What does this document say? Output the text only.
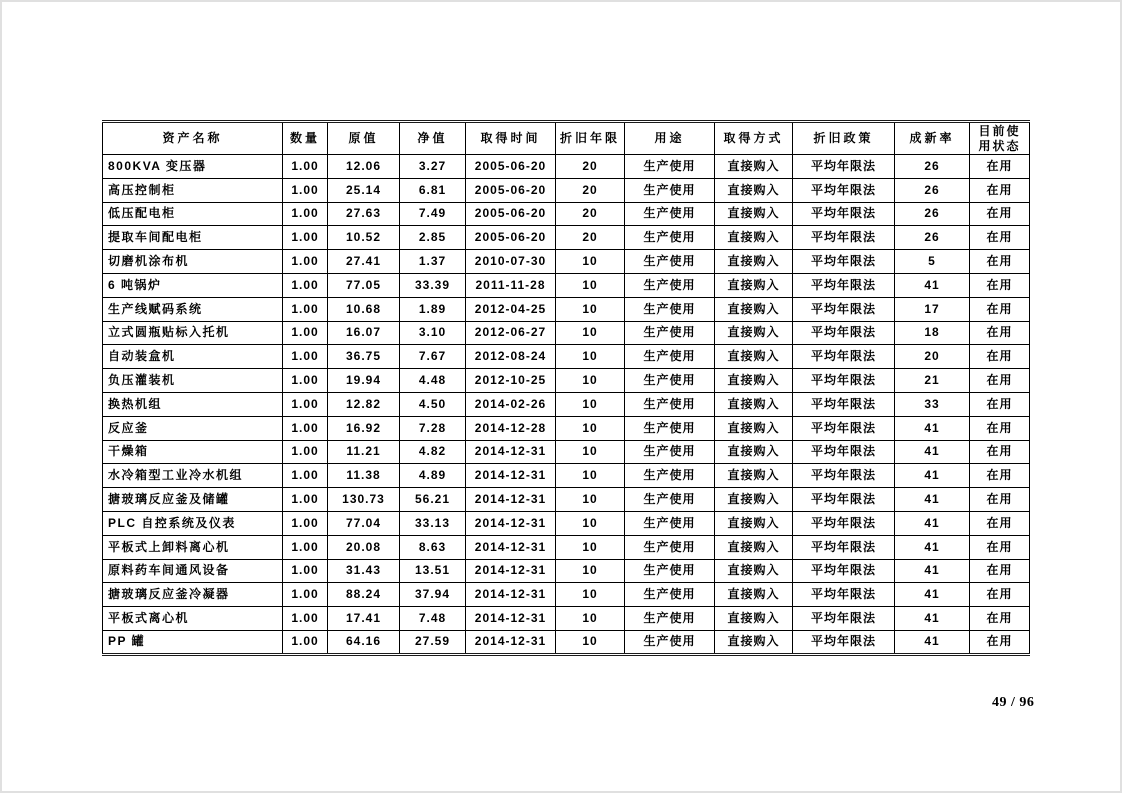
资产名称	数量	原值	净值	取得时间	折旧年限	用途	取得方式	折旧政策	成新率	目前使用状态
800KVA 变压器	1.00	12.06	3.27	2005-06-20	20	生产使用	直接购入	平均年限法	26	在用
高压控制柜	1.00	25.14	6.81	2005-06-20	20	生产使用	直接购入	平均年限法	26	在用
低压配电柜	1.00	27.63	7.49	2005-06-20	20	生产使用	直接购入	平均年限法	26	在用
提取车间配电柜	1.00	10.52	2.85	2005-06-20	20	生产使用	直接购入	平均年限法	26	在用
切磨机涂布机	1.00	27.41	1.37	2010-07-30	10	生产使用	直接购入	平均年限法	5	在用
6 吨锅炉	1.00	77.05	33.39	2011-11-28	10	生产使用	直接购入	平均年限法	41	在用
生产线赋码系统	1.00	10.68	1.89	2012-04-25	10	生产使用	直接购入	平均年限法	17	在用
立式圆瓶贴标入托机	1.00	16.07	3.10	2012-06-27	10	生产使用	直接购入	平均年限法	18	在用
自动装盒机	1.00	36.75	7.67	2012-08-24	10	生产使用	直接购入	平均年限法	20	在用
负压灌装机	1.00	19.94	4.48	2012-10-25	10	生产使用	直接购入	平均年限法	21	在用
换热机组	1.00	12.82	4.50	2014-02-26	10	生产使用	直接购入	平均年限法	33	在用
反应釜	1.00	16.92	7.28	2014-12-28	10	生产使用	直接购入	平均年限法	41	在用
干燥箱	1.00	11.21	4.82	2014-12-31	10	生产使用	直接购入	平均年限法	41	在用
水冷箱型工业冷水机组	1.00	11.38	4.89	2014-12-31	10	生产使用	直接购入	平均年限法	41	在用
搪玻璃反应釜及储罐	1.00	130.73	56.21	2014-12-31	10	生产使用	直接购入	平均年限法	41	在用
PLC 自控系统及仪表	1.00	77.04	33.13	2014-12-31	10	生产使用	直接购入	平均年限法	41	在用
平板式上卸料离心机	1.00	20.08	8.63	2014-12-31	10	生产使用	直接购入	平均年限法	41	在用
原料药车间通风设备	1.00	31.43	13.51	2014-12-31	10	生产使用	直接购入	平均年限法	41	在用
搪玻璃反应釜冷凝器	1.00	88.24	37.94	2014-12-31	10	生产使用	直接购入	平均年限法	41	在用
平板式离心机	1.00	17.41	7.48	2014-12-31	10	生产使用	直接购入	平均年限法	41	在用
PP 罐	1.00	64.16	27.59	2014-12-31	10	生产使用	直接购入	平均年限法	41	在用
49 / 96
